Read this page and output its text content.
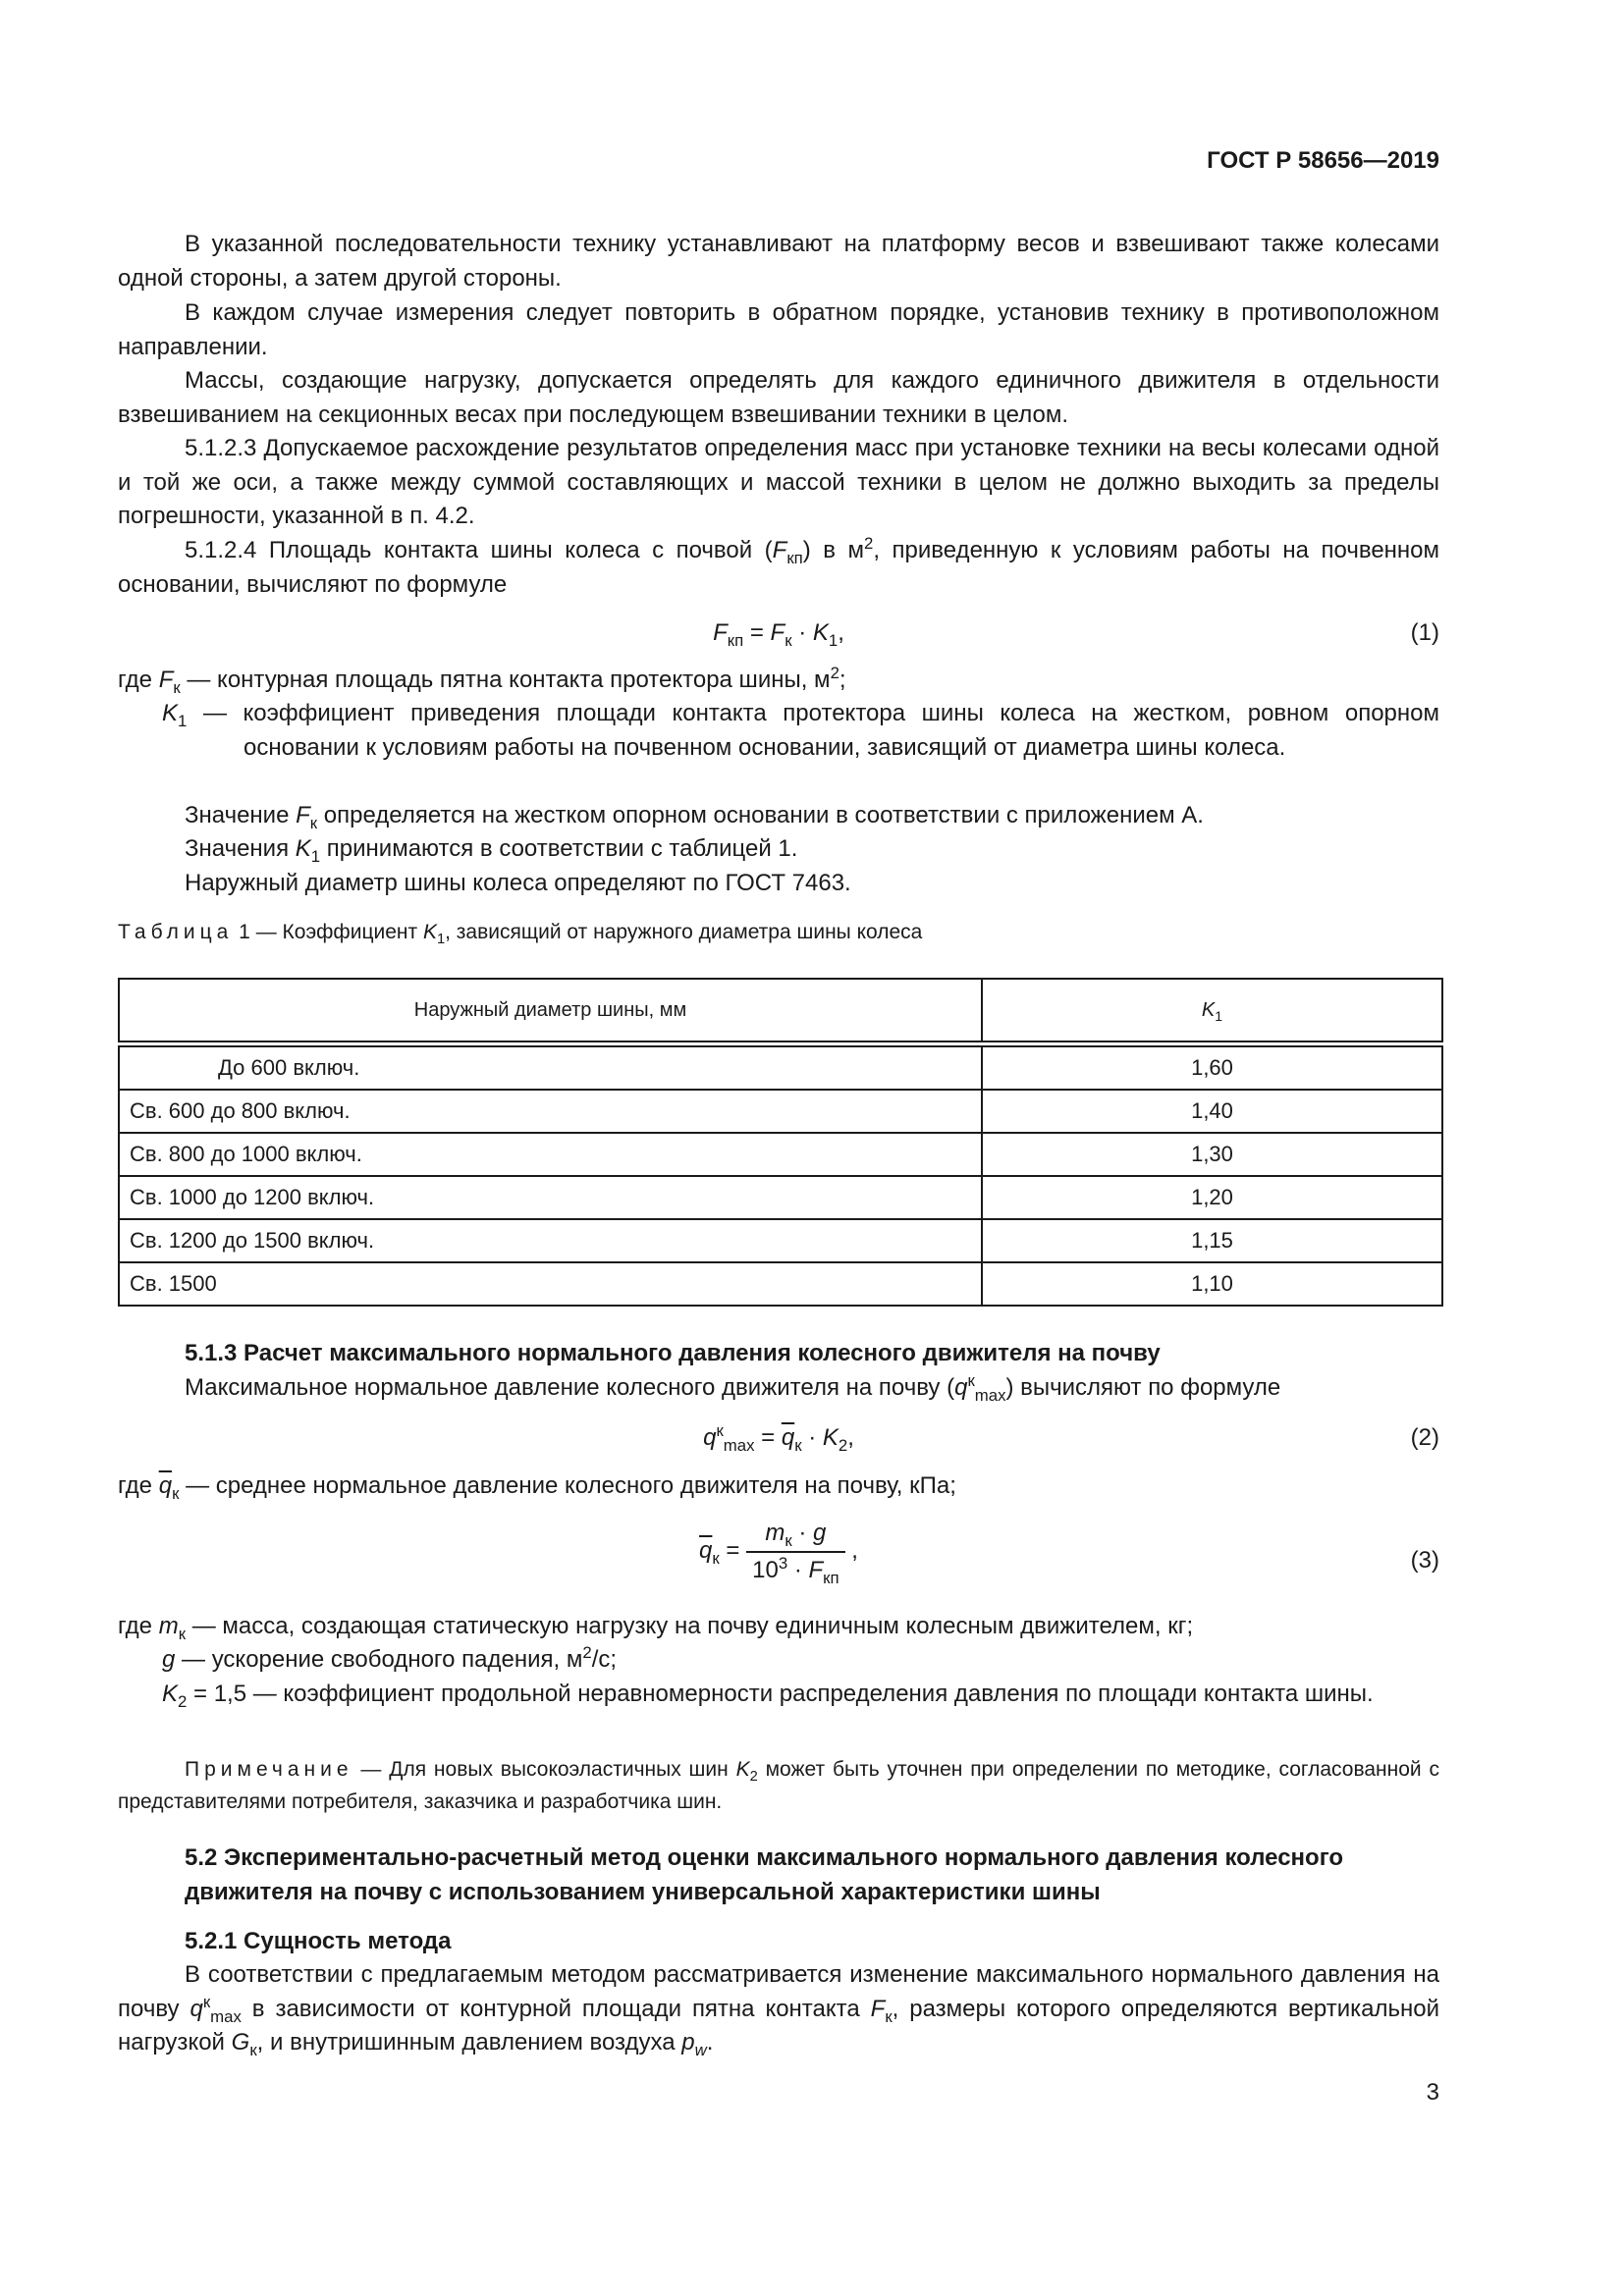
ГОСТ Р 58656—2019
В указанной последовательности технику устанавливают на платформу весов и взвешивают также колесами одной стороны, а затем другой стороны.
В каждом случае измерения следует повторить в обратном порядке, установив технику в противоположном направлении.
Массы, создающие нагрузку, допускается определять для каждого единичного движителя в отдельности взвешиванием на секционных весах при последующем взвешивании техники в целом.
5.1.2.3 Допускаемое расхождение результатов определения масс при установке техники на весы колесами одной и той же оси, а также между суммой составляющих и массой техники в целом не должно выходить за пределы погрешности, указанной в п. 4.2.
5.1.2.4 Площадь контакта шины колеса с почвой $(F_{кп})$ в $м^2$, приведенную к условиям работы на почвенном основании, вычисляют по формуле
$F_{кп} = F_к \cdot K_1$,	(1)
где $F_к$ — контурная площадь пятна контакта протектора шины, $м^2$;
$K_1$ — коэффициент приведения площади контакта протектора шины колеса на жестком, ровном опорном основании к условиям работы на почвенном основании, зависящий от диаметра шины колеса.
Значение $F_к$ определяется на жестком опорном основании в соответствии с приложением А.
Значения $K_1$ принимаются в соответствии с таблицей 1.
Наружный диаметр шины колеса определяют по ГОСТ 7463.
Таблица 1 — Коэффициент $K_1$, зависящий от наружного диаметра шины колеса
Наружный диаметр шины, мм	$K_1$
До 600 включ.	1,60
Св. 600 до 800 включ.	1,40
Св. 800 до 1000 включ.	1,30
Св. 1000 до 1200 включ.	1,20
Св. 1200 до 1500 включ.	1,15
Св. 1500	1,10
5.1.3 Расчет максимального нормального давления колесного движителя на почву
Максимальное нормальное давление колесного движителя на почву $(q^к_{max})$ вычисляют по формуле
$q^к_{max} = \overline{q}_к \cdot K_2$,	(2)
где $\overline{q}_к$ — среднее нормальное давление колесного движителя на почву, кПа;
$\overline{q}_к = \frac{m_к \cdot g}{10^3 \cdot F_{кп}}$ ,	(3)
где $m_к$ — масса, создающая статическую нагрузку на почву единичным колесным движителем, кг;
g — ускорение свободного падения, $м^2/с$;
$K_2 = 1,5$ — коэффициент продольной неравномерности распределения давления по площади контакта шины.
Примечание — Для новых высокоэластичных шин $K_2$ может быть уточнен при определении по методике, согласованной с представителями потребителя, заказчика и разработчика шин.
5.2 Экспериментально-расчетный метод оценки максимального нормального давления колесного движителя на почву с использованием универсальной характеристики шины
5.2.1 Сущность метода
В соответствии с предлагаемым методом рассматривается изменение максимального нормального давления на почву $q^к_{max}$ в зависимости от контурной площади пятна контакта $F_к$, размеры которого определяются вертикальной нагрузкой $G_к$, и внутришинным давлением воздуха $p_w$.
3
